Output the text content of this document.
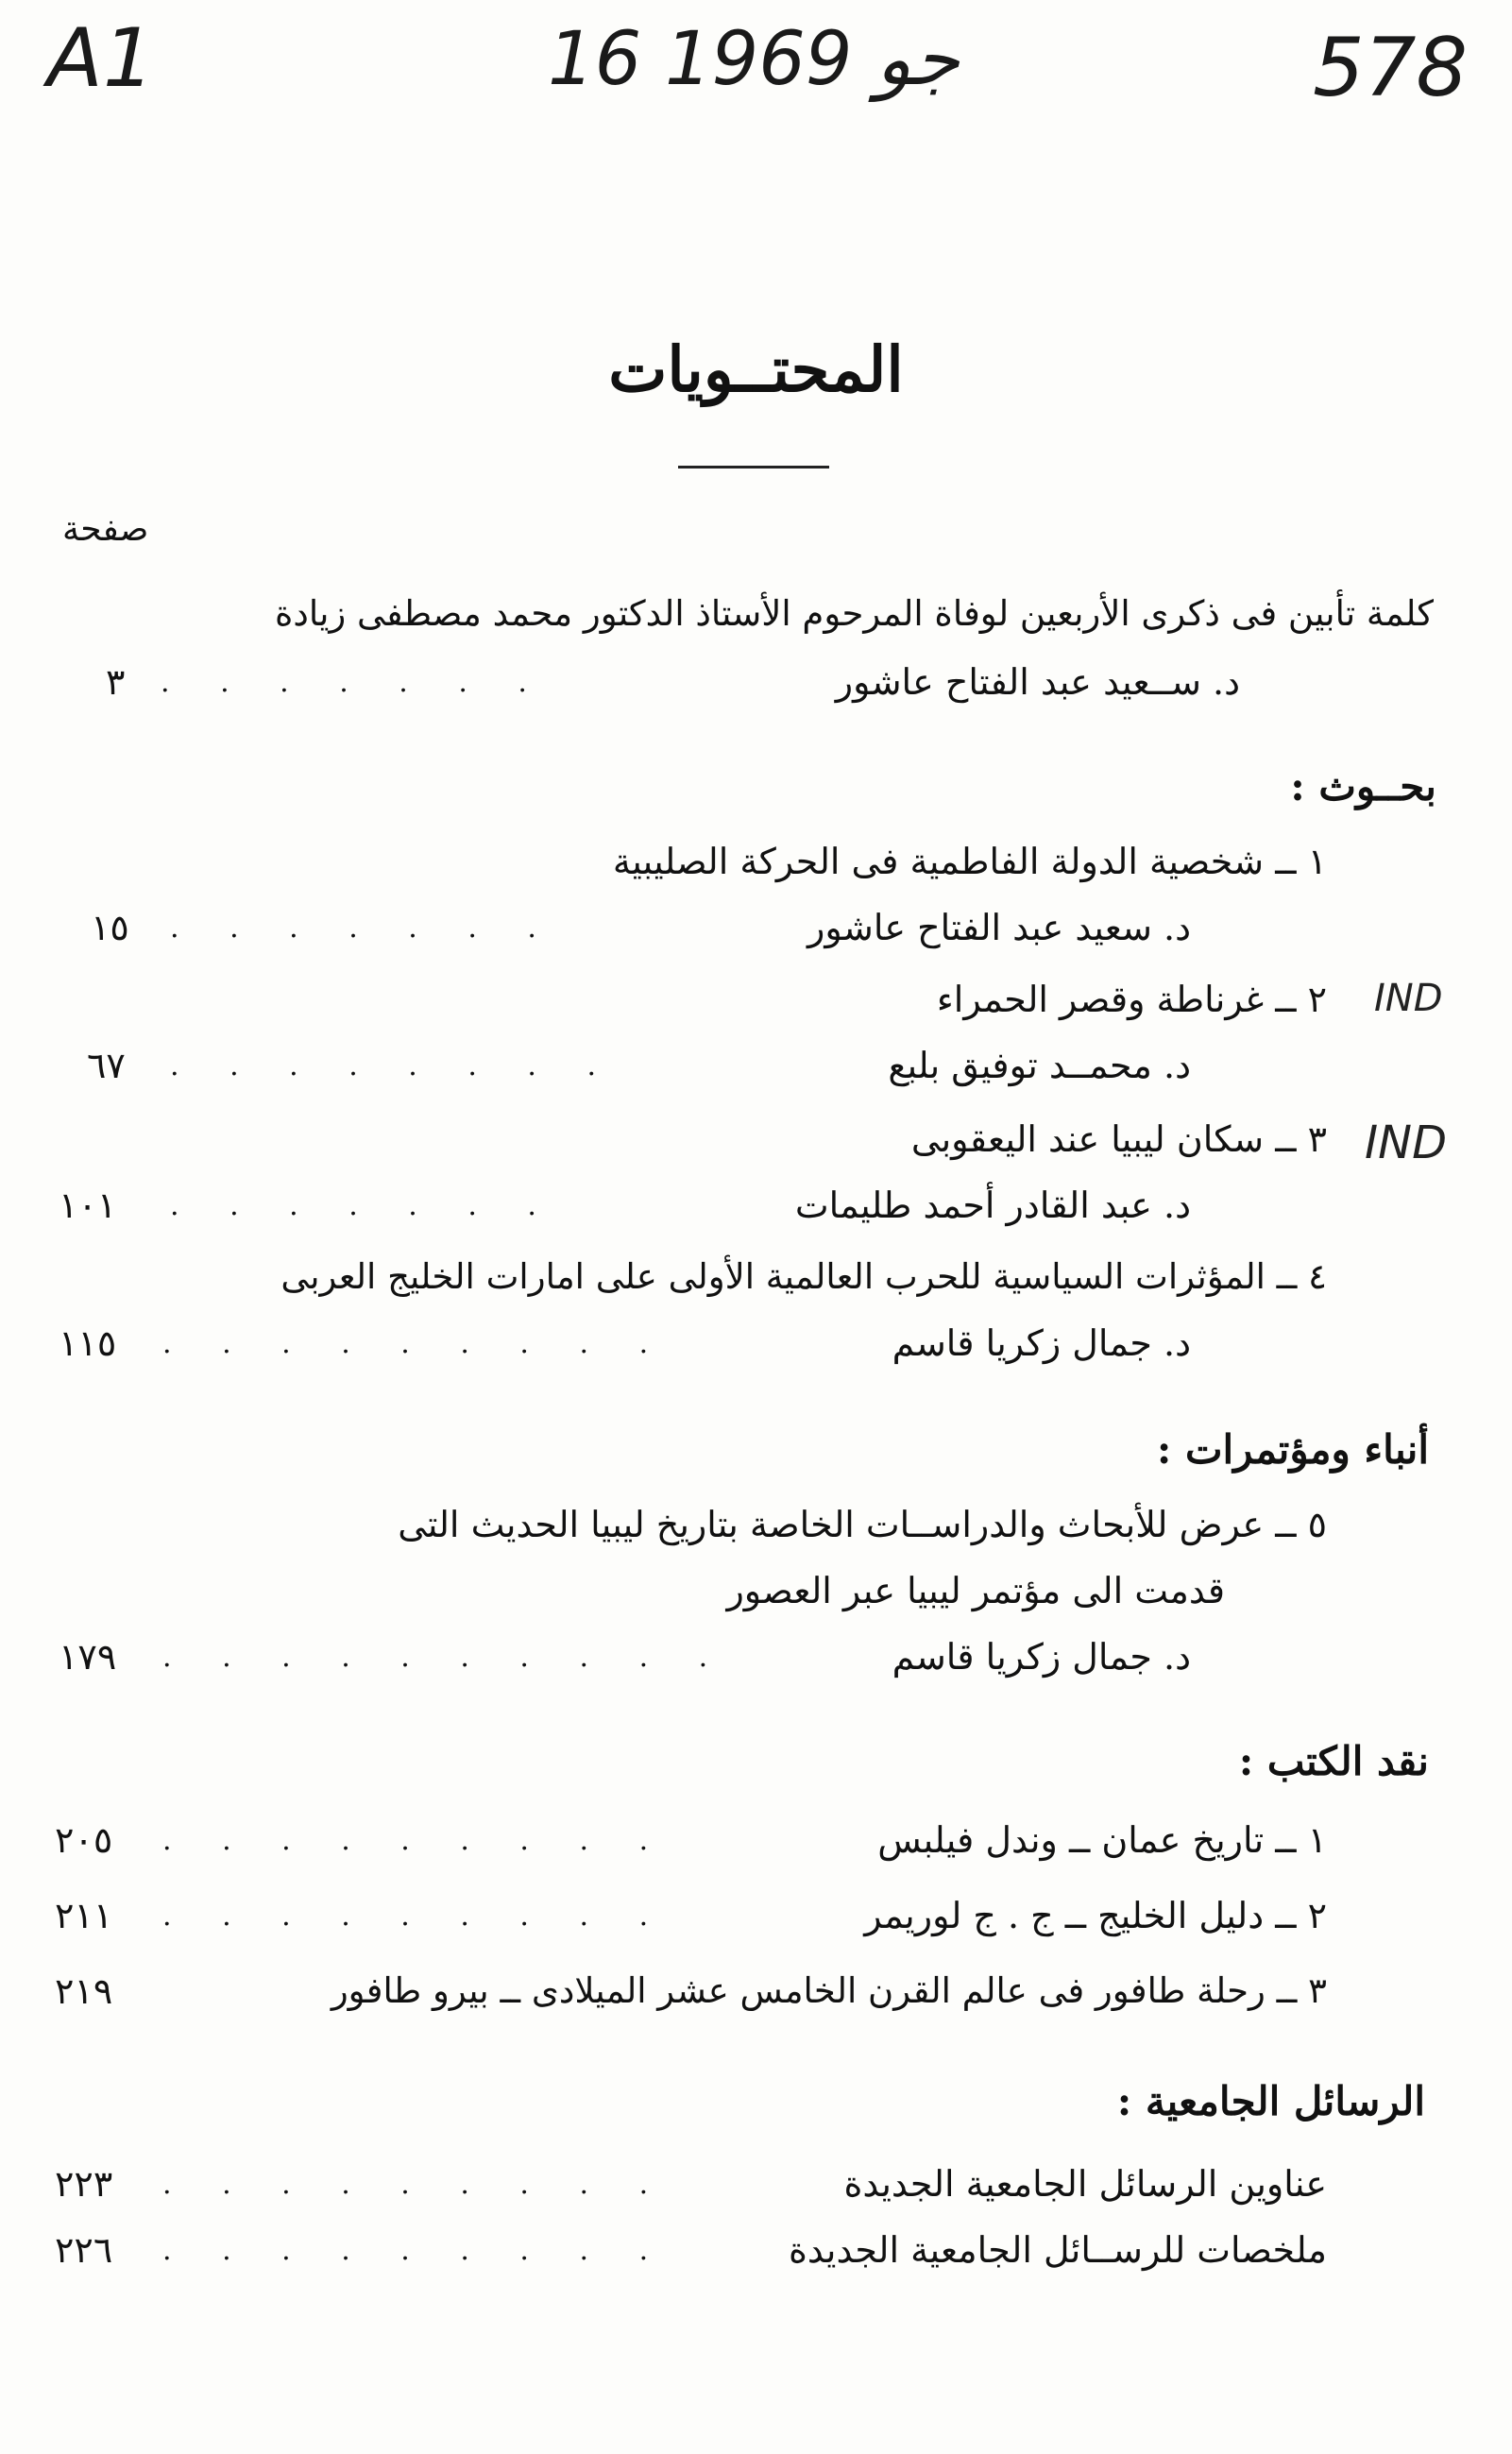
A1	16 جو 1969	578
المحتــويات
صفحة
كلمة تأبين فى ذكرى الأربعين لوفاة المرحوم الأستاذ الدكتور محمد مصطفى زيادة
د. ســعيد عبد الفتاح عاشور
. . . . . . .
٣
بحــوث :
١ ــ شخصية الدولة الفاطمية فى الحركة الصليبية
د. سعيد عبد الفتاح عاشور
. . . . . . .
١٥
IND
٢ ــ غرناطة وقصر الحمراء
د. محمــد توفيق بلبع
. . . . . . . .
٦٧
IND
٣ ــ سكان ليبيا عند اليعقوبى
د. عبد القادر أحمد طليمات
. . . . . . .
١٠١
٤ ــ المؤثرات السياسية للحرب العالمية الأولى على امارات الخليج العربى
د. جمال زكريا قاسم
. . . . . . . . .
١١٥
أنباء ومؤتمرات :
٥ ــ عرض للأبحاث والدراســات الخاصة بتاريخ ليبيا الحديث التى
قدمت الى مؤتمر ليبيا عبر العصور
د. جمال زكريا قاسم
. . . . . . . . . .
١٧٩
نقد الكتب :
١ ــ تاريخ عمان ــ وندل فيلبس
. . . . . . . . .
٢٠٥
٢ ــ دليل الخليج ــ ج . ج لوريمر
. . . . . . . . .
٢١١
٣ ــ رحلة طافور فى عالم القرن الخامس عشر الميلادى ــ بيرو طافور
٢١٩
الرسائل الجامعية :
عناوين الرسائل الجامعية الجديدة
. . . . . . . . .
٢٢٣
ملخصات للرســائل الجامعية الجديدة
. . . . . . . . .
٢٢٦
